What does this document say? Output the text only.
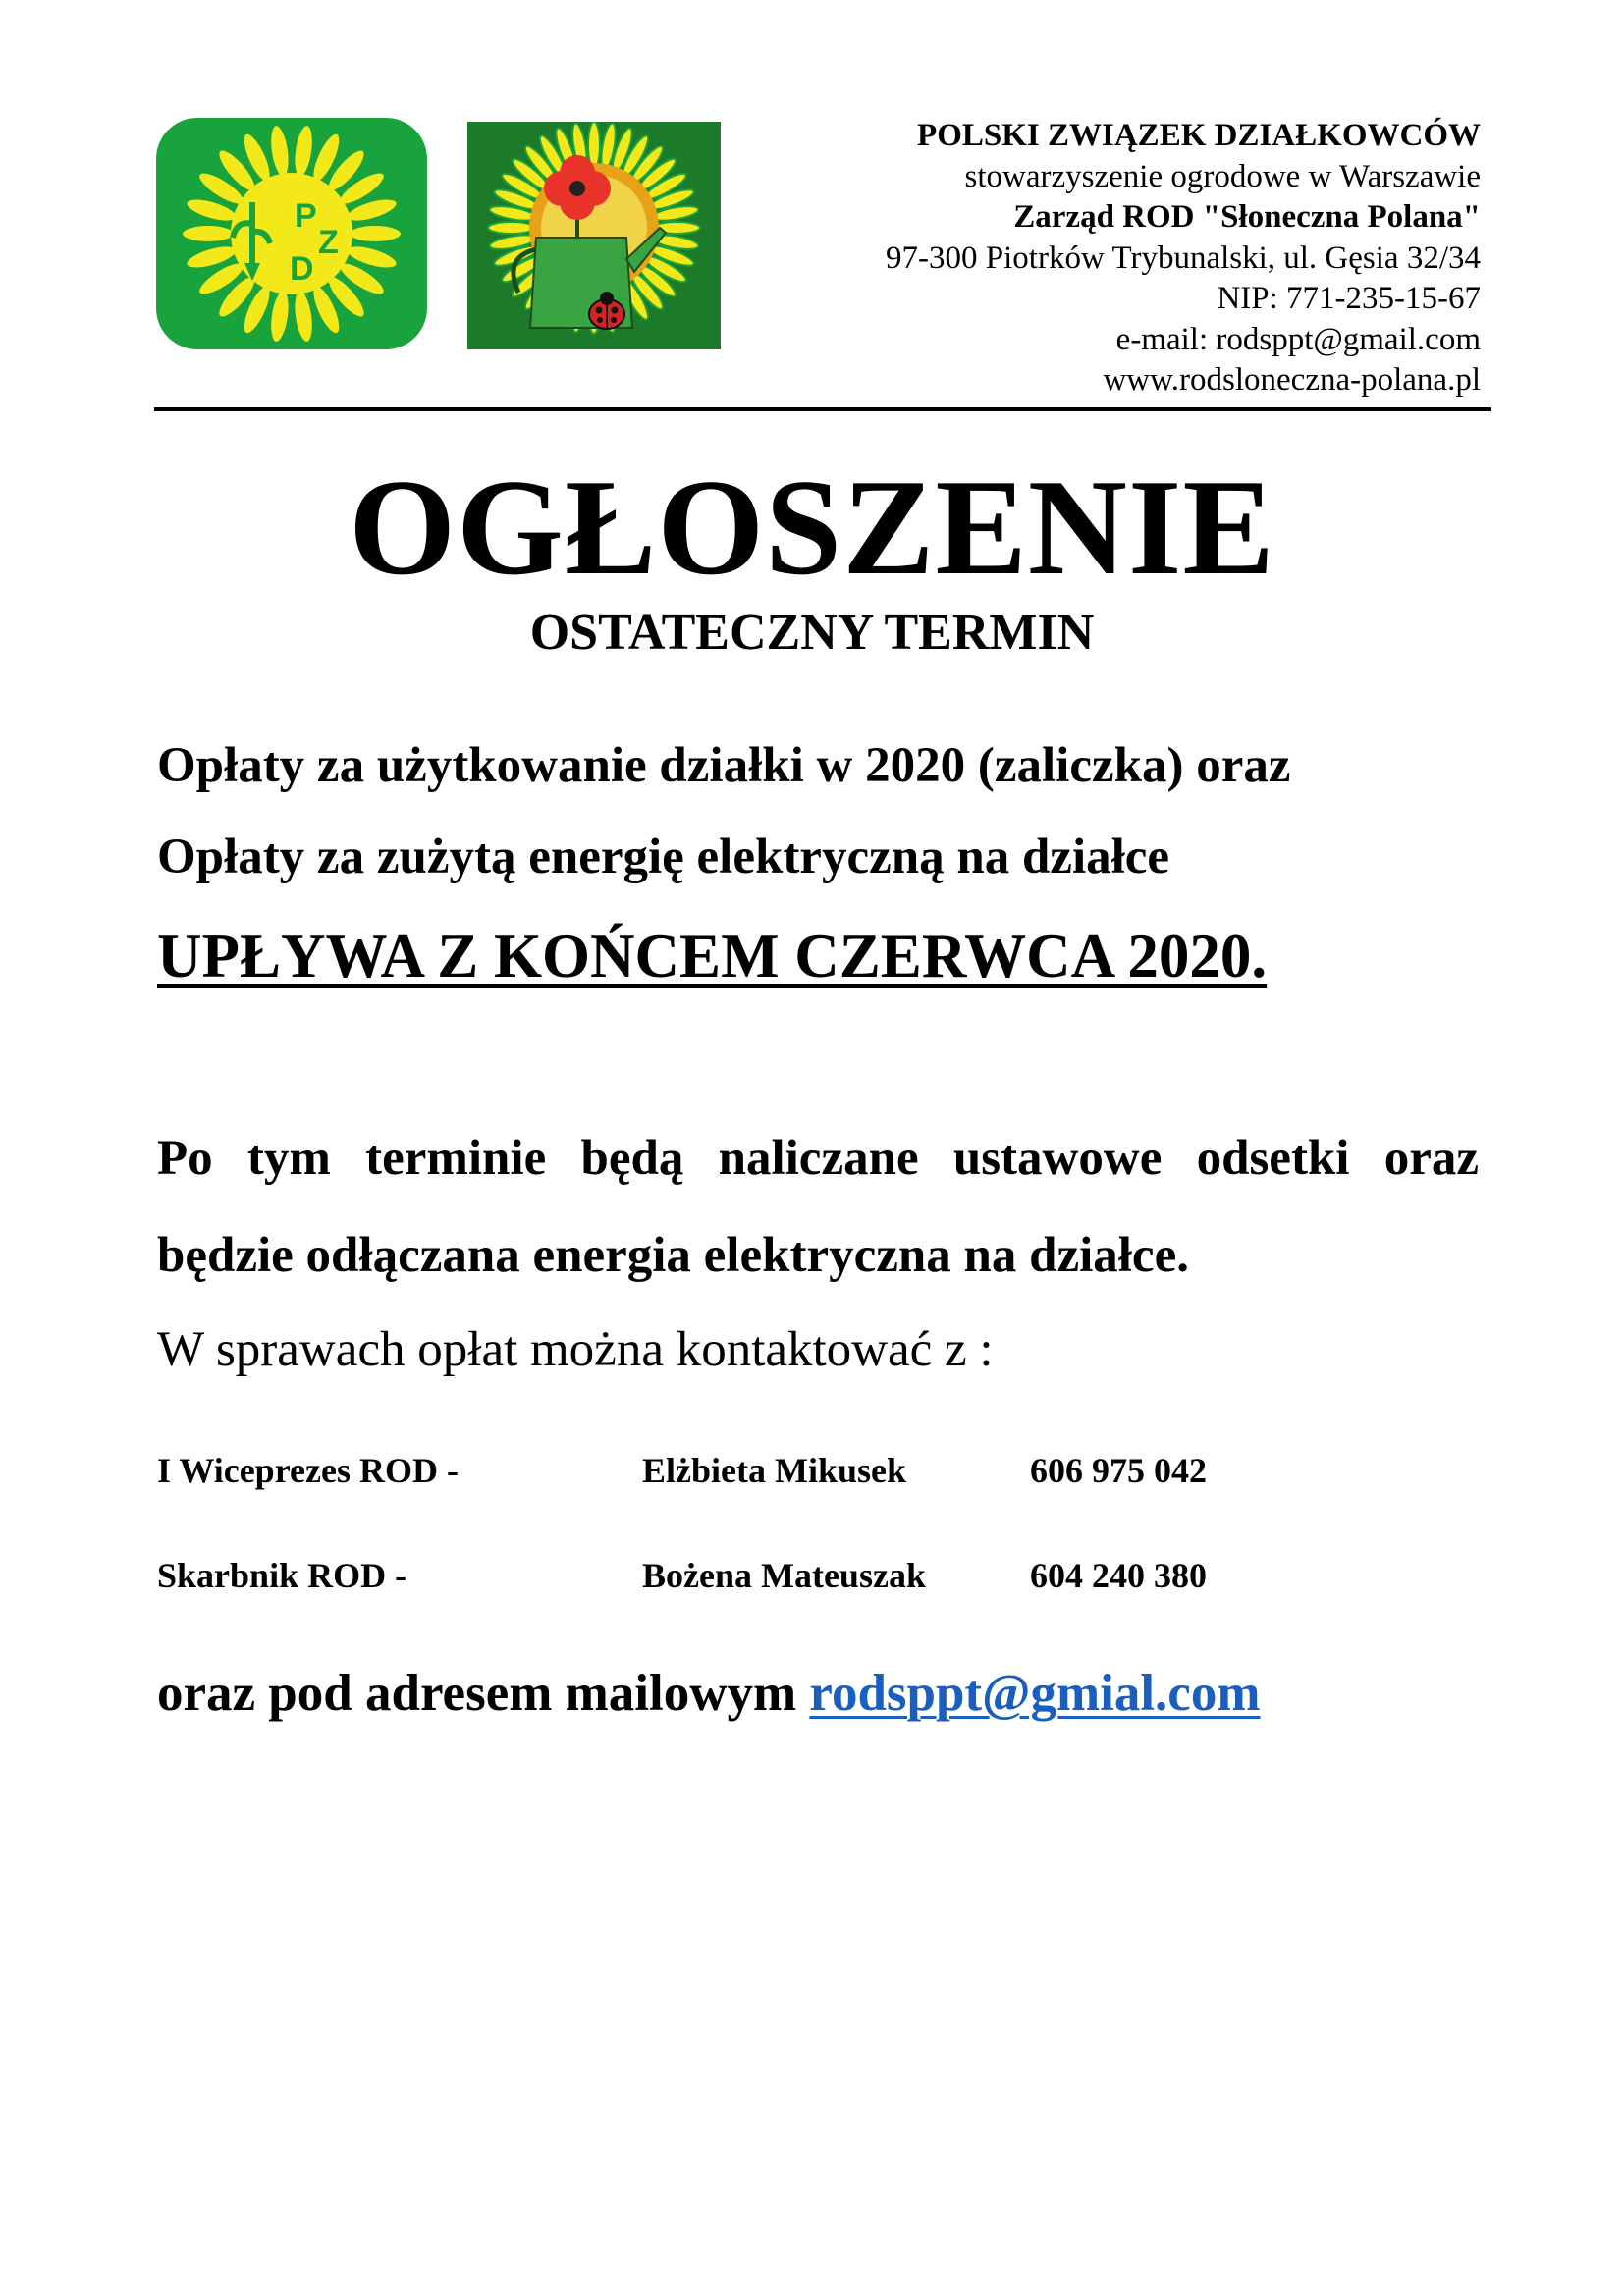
P
Z
D
POLSKI ZWIĄZEK DZIAŁKOWCÓW
stowarzyszenie ogrodowe w Warszawie
Zarząd ROD "Słoneczna Polana"
97-300 Piotrków Trybunalski, ul. Gęsia 32/34
NIP: 771-235-15-67
e-mail: rodsppt@gmail.com
www.rodsloneczna-polana.pl
OGŁOSZENIE
OSTATECZNY TERMIN
Opłaty za użytkowanie działki w 2020 (zaliczka) oraz
Opłaty za zużytą energię elektryczną na działce
UPŁYWA Z KOŃCEM CZERWCA 2020.
Po tym terminie będą naliczane ustawowe odsetki oraz
będzie odłączana energia elektryczna na działce.
W sprawach opłat można kontaktować z :
I Wiceprezes ROD -	Elżbieta Mikusek	606 975 042
Skarbnik ROD -	Bożena Mateuszak	604 240 380
oraz pod adresem mailowym rodsppt@gmial.com
